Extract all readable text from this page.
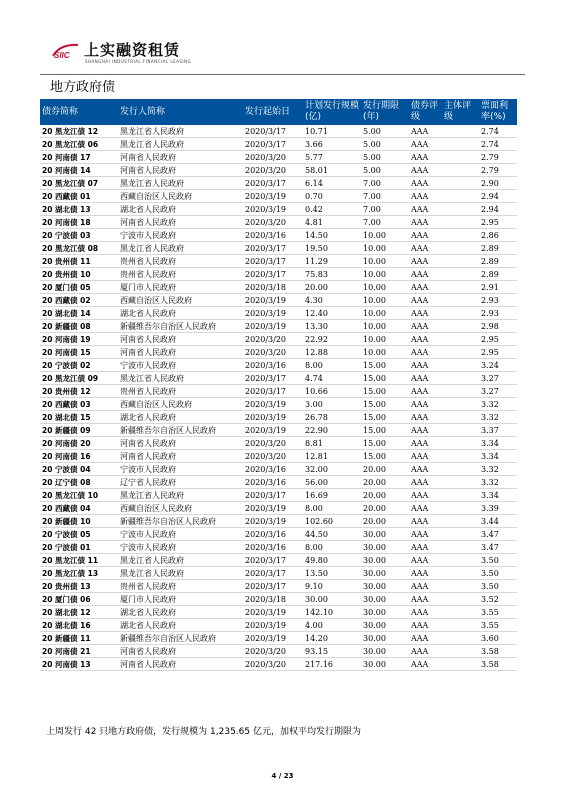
SIIC 上实融资租赁
SHANGHAI INDUSTRIAL FINANCIAL LEASING
地方政府债
债券简称	发行人简称	发行起始日	计划发行规模(亿)	发行期限(年)	债券评级	主体评级	票面利率(%)
20 黑龙江债 12	黑龙江省人民政府	2020/3/17	10.71	5.00	AAA		2.74
20 黑龙江债 06	黑龙江省人民政府	2020/3/17	3.66	5.00	AAA		2.74
20 河南债 17	河南省人民政府	2020/3/20	5.77	5.00	AAA		2.79
20 河南债 14	河南省人民政府	2020/3/20	58.01	5.00	AAA		2.79
20 黑龙江债 07	黑龙江省人民政府	2020/3/17	6.14	7.00	AAA		2.90
20 西藏债 01	西藏自治区人民政府	2020/3/19	0.70	7.00	AAA		2.94
20 湖北债 13	湖北省人民政府	2020/3/19	0.42	7.00	AAA		2.94
20 河南债 18	河南省人民政府	2020/3/20	4.81	7.00	AAA		2.95
20 宁波债 03	宁波市人民政府	2020/3/16	14.50	10.00	AAA		2.86
20 黑龙江债 08	黑龙江省人民政府	2020/3/17	19.50	10.00	AAA		2.89
20 贵州债 11	贵州省人民政府	2020/3/17	11.29	10.00	AAA		2.89
20 贵州债 10	贵州省人民政府	2020/3/17	75.83	10.00	AAA		2.89
20 厦门债 05	厦门市人民政府	2020/3/18	20.00	10.00	AAA		2.91
20 西藏债 02	西藏自治区人民政府	2020/3/19	4.30	10.00	AAA		2.93
20 湖北债 14	湖北省人民政府	2020/3/19	12.40	10.00	AAA		2.93
20 新疆债 08	新疆维吾尔自治区人民政府	2020/3/19	13.30	10.00	AAA		2.98
20 河南债 19	河南省人民政府	2020/3/20	22.92	10.00	AAA		2.95
20 河南债 15	河南省人民政府	2020/3/20	12.88	10.00	AAA		2.95
20 宁波债 02	宁波市人民政府	2020/3/16	8.00	15.00	AAA		3.24
20 黑龙江债 09	黑龙江省人民政府	2020/3/17	4.74	15.00	AAA		3.27
20 贵州债 12	贵州省人民政府	2020/3/17	10.66	15.00	AAA		3.27
20 西藏债 03	西藏自治区人民政府	2020/3/19	3.00	15.00	AAA		3.32
20 湖北债 15	湖北省人民政府	2020/3/19	26.78	15.00	AAA		3.32
20 新疆债 09	新疆维吾尔自治区人民政府	2020/3/19	22.90	15.00	AAA		3.37
20 河南债 20	河南省人民政府	2020/3/20	8.81	15.00	AAA		3.34
20 河南债 16	河南省人民政府	2020/3/20	12.81	15.00	AAA		3.34
20 宁波债 04	宁波市人民政府	2020/3/16	32.00	20.00	AAA		3.32
20 辽宁债 08	辽宁省人民政府	2020/3/16	56.00	20.00	AAA		3.32
20 黑龙江债 10	黑龙江省人民政府	2020/3/17	16.69	20.00	AAA		3.34
20 西藏债 04	西藏自治区人民政府	2020/3/19	8.00	20.00	AAA		3.39
20 新疆债 10	新疆维吾尔自治区人民政府	2020/3/19	102.60	20.00	AAA		3.44
20 宁波债 05	宁波市人民政府	2020/3/16	44.50	30.00	AAA		3.47
20 宁波债 01	宁波市人民政府	2020/3/16	8.00	30.00	AAA		3.47
20 黑龙江债 11	黑龙江省人民政府	2020/3/17	49.80	30.00	AAA		3.50
20 黑龙江债 13	黑龙江省人民政府	2020/3/17	13.50	30.00	AAA		3.50
20 贵州债 13	贵州省人民政府	2020/3/17	9.10	30.00	AAA		3.50
20 厦门债 06	厦门市人民政府	2020/3/18	30.00	30.00	AAA		3.52
20 湖北债 12	湖北省人民政府	2020/3/19	142.10	30.00	AAA		3.55
20 湖北债 16	湖北省人民政府	2020/3/19	4.00	30.00	AAA		3.55
20 新疆债 11	新疆维吾尔自治区人民政府	2020/3/19	14.20	30.00	AAA		3.60
20 河南债 21	河南省人民政府	2020/3/20	93.15	30.00	AAA		3.58
20 河南债 13	河南省人民政府	2020/3/20	217.16	30.00	AAA		3.58
上周发行 42 只地方政府债，发行规模为 1,235.65 亿元，加权平均发行期限为
4 / 23
